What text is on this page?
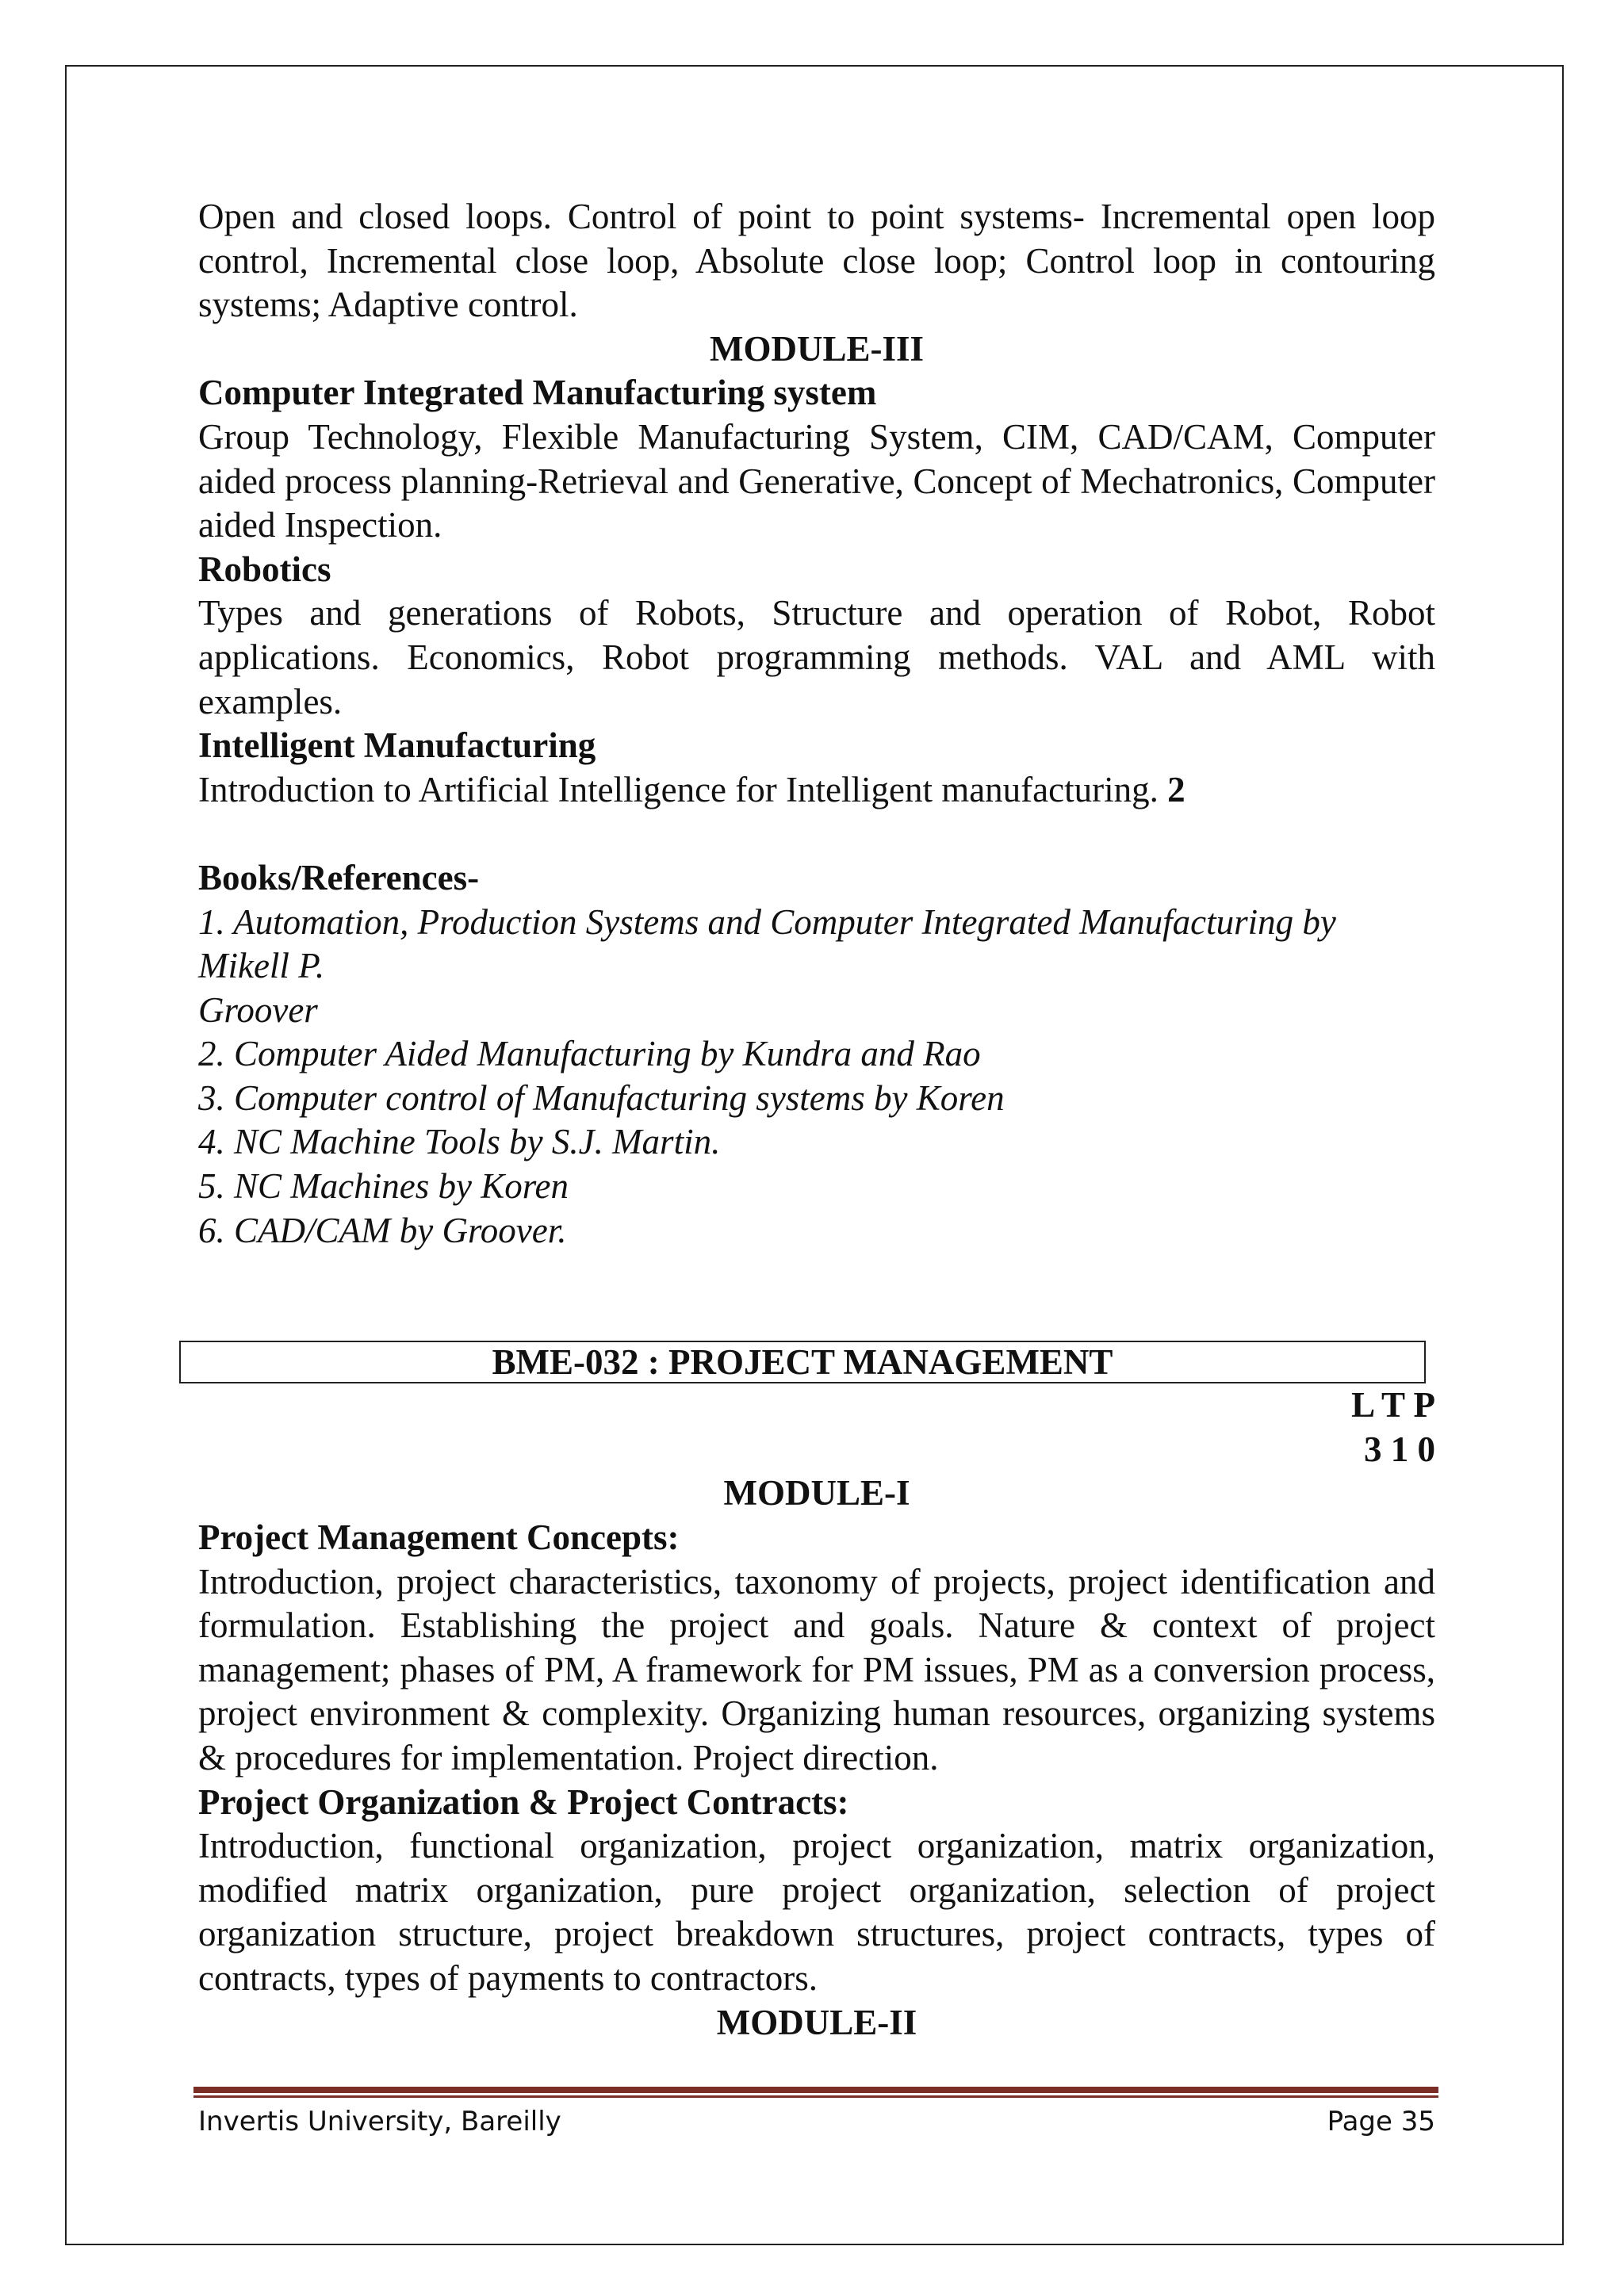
Open and closed loops. Control of point to point systems- Incremental open loop control, Incremental close loop, Absolute close loop; Control loop in contouring systems; Adaptive control.

MODULE-III

Computer Integrated Manufacturing system

Group Technology, Flexible Manufacturing System, CIM, CAD/CAM, Computer aided process planning-Retrieval and Generative, Concept of Mechatronics, Computer aided Inspection.

Robotics

Types and generations of Robots, Structure and operation of Robot, Robot applications. Economics, Robot programming methods. VAL and AML with examples.

Intelligent Manufacturing

Introduction to Artificial Intelligence for Intelligent manufacturing. 2

Books/References-

1. Automation, Production Systems and Computer Integrated Manufacturing by Mikell P.

Groover

2. Computer Aided Manufacturing by Kundra and Rao

3. Computer control of Manufacturing systems by Koren

4. NC Machine Tools by S.J. Martin.

5. NC Machines by Koren

6. CAD/CAM by Groover.

BME-032 : PROJECT MANAGEMENT

L T P

3 1 0

MODULE-I

Project Management Concepts:

Introduction, project characteristics, taxonomy of projects, project identification and formulation. Establishing the project and goals. Nature & context of project management; phases of PM, A framework for PM issues, PM as a conversion process, project environment & complexity. Organizing human resources, organizing systems & procedures for implementation. Project direction.

Project Organization & Project Contracts:

Introduction, functional organization, project organization, matrix organization, modified matrix organization, pure project organization, selection of project organization structure, project breakdown structures, project contracts, types of contracts, types of payments to contractors.

MODULE-II

Invertis University, Bareilly	Page 35
